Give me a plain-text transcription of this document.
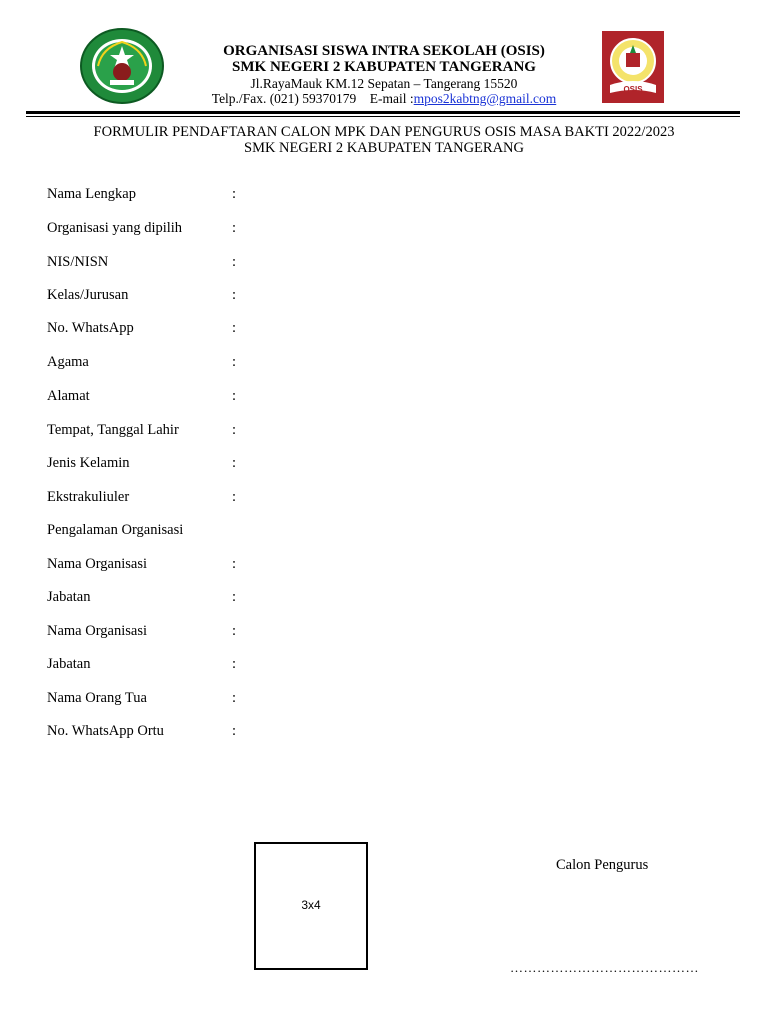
ORGANISASI SISWA INTRA SEKOLAH (OSIS)
SMK NEGERI 2 KABUPATEN TANGERANG
Jl.RayaMauk KM.12 Sepatan – Tangerang 15520
Telp./Fax. (021) 59370179    E-mail :mpos2kabtng@gmail.com
OSIS
FORMULIR PENDAFTARAN CALON MPK DAN PENGURUS OSIS MASA BAKTI 2022/2023
SMK NEGERI 2 KABUPATEN TANGERANG
Nama Lengkap	:
Organisasi yang dipilih	:
NIS/NISN	:
Kelas/Jurusan	:
No. WhatsApp	:
Agama	:
Alamat	:
Tempat, Tanggal Lahir	:
Jenis Kelamin	:
Ekstrakuliuler	:
Pengalaman Organisasi
Nama Organisasi	:
Jabatan	:
Nama Organisasi	:
Jabatan	:
Nama Orang Tua	:
No. WhatsApp Ortu	:
3x4
Calon Pengurus
……………………………………
